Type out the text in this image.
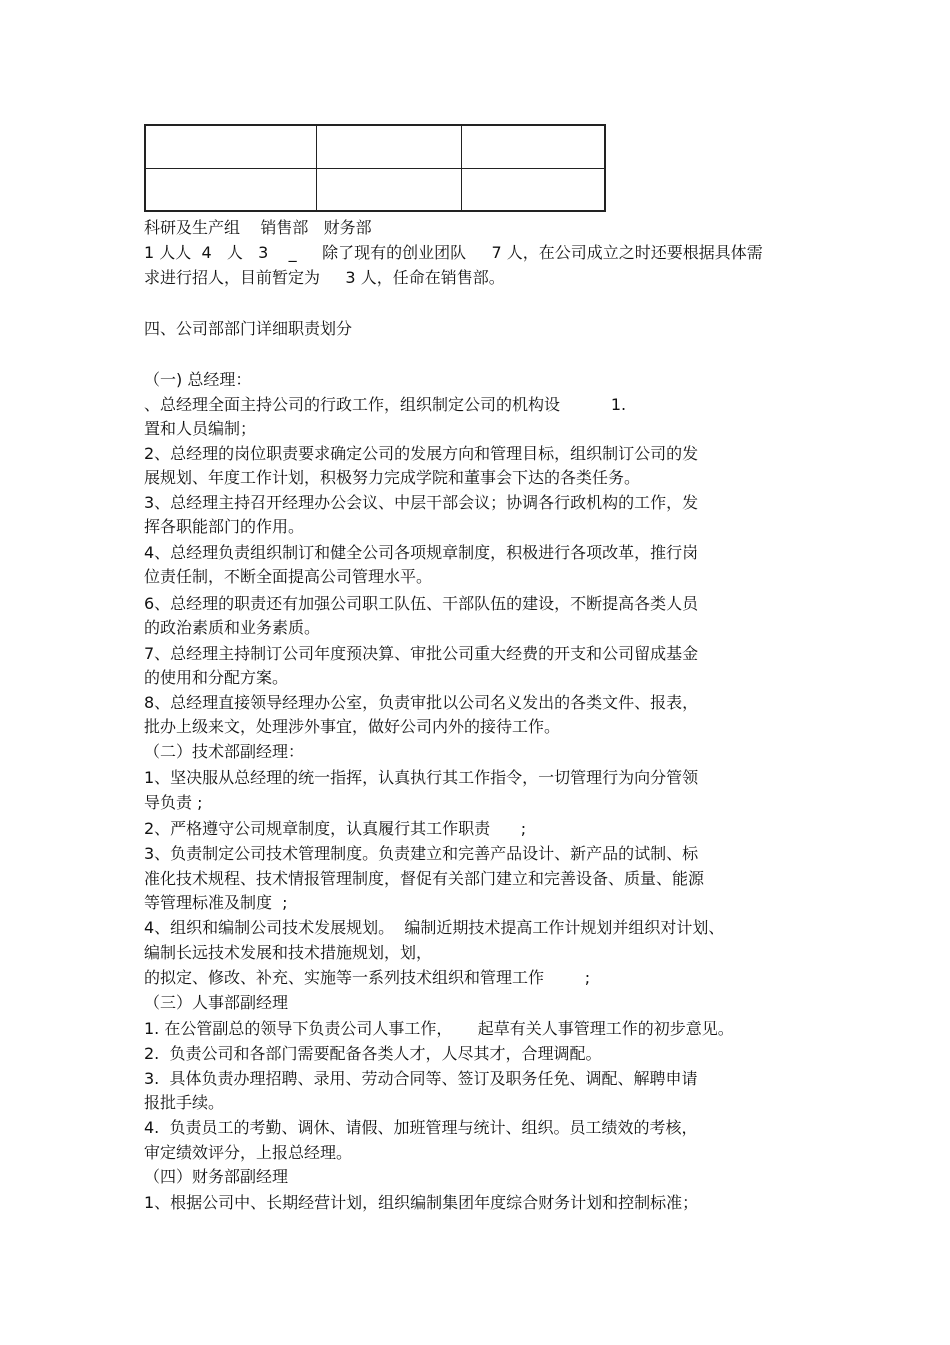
科研及生产组    销售部   财务部
1 人人  4   人   3    _     除了现有的创业团队     7 人，在公司成立之时还要根据具体需
求进行招人，目前暂定为     3 人，任命在销售部。
四、公司部部门详细职责划分
（一) 总经理：
、总经理全面主持公司的行政工作，组织制定公司的机构设          1.
置和人员编制；
2、总经理的岗位职责要求确定公司的发展方向和管理目标，组织制订公司的发
展规划、年度工作计划，积极努力完成学院和董事会下达的各类任务。
3、总经理主持召开经理办公会议、中层干部会议；协调各行政机构的工作，发
挥各职能部门的作用。
4、总经理负责组织制订和健全公司各项规章制度，积极进行各项改革，推行岗
位责任制，不断全面提高公司管理水平。
6、总经理的职责还有加强公司职工队伍、干部队伍的建设，不断提高各类人员
的政治素质和业务素质。
7、总经理主持制订公司年度预决算、审批公司重大经费的开支和公司留成基金
的使用和分配方案。
8、总经理直接领导经理办公室，负责审批以公司名义发出的各类文件、报表，
批办上级来文，处理涉外事宜，做好公司内外的接待工作。
（二）技术部副经理：
1、坚决服从总经理的统一指挥，认真执行其工作指令，一切管理行为向分管领
导负责 ;
2、严格遵守公司规章制度，认真履行其工作职责      ;
3、负责制定公司技术管理制度。负责建立和完善产品设计、新产品的试制、标
准化技术规程、技术情报管理制度，督促有关部门建立和完善设备、质量、能源
等管理标准及制度  ;
4、组织和编制公司技术发展规划。  编制近期技术提高工作计规划并组织对计划、
编制长远技术发展和技术措施规划，划，
的拟定、修改、补充、实施等一系列技术组织和管理工作        ;
（三）人事部副经理
1. 在公管副总的领导下负责公司人事工作，     起草有关人事管理工作的初步意见。
2.  负责公司和各部门需要配备各类人才，人尽其才，合理调配。
3.  具体负责办理招聘、录用、劳动合同等、签订及职务任免、调配、解聘申请
报批手续。
4.  负责员工的考勤、调休、请假、加班管理与统计、组织。员工绩效的考核，
审定绩效评分，上报总经理。
（四）财务部副经理
1、根据公司中、长期经营计划，组织编制集团年度综合财务计划和控制标准；
